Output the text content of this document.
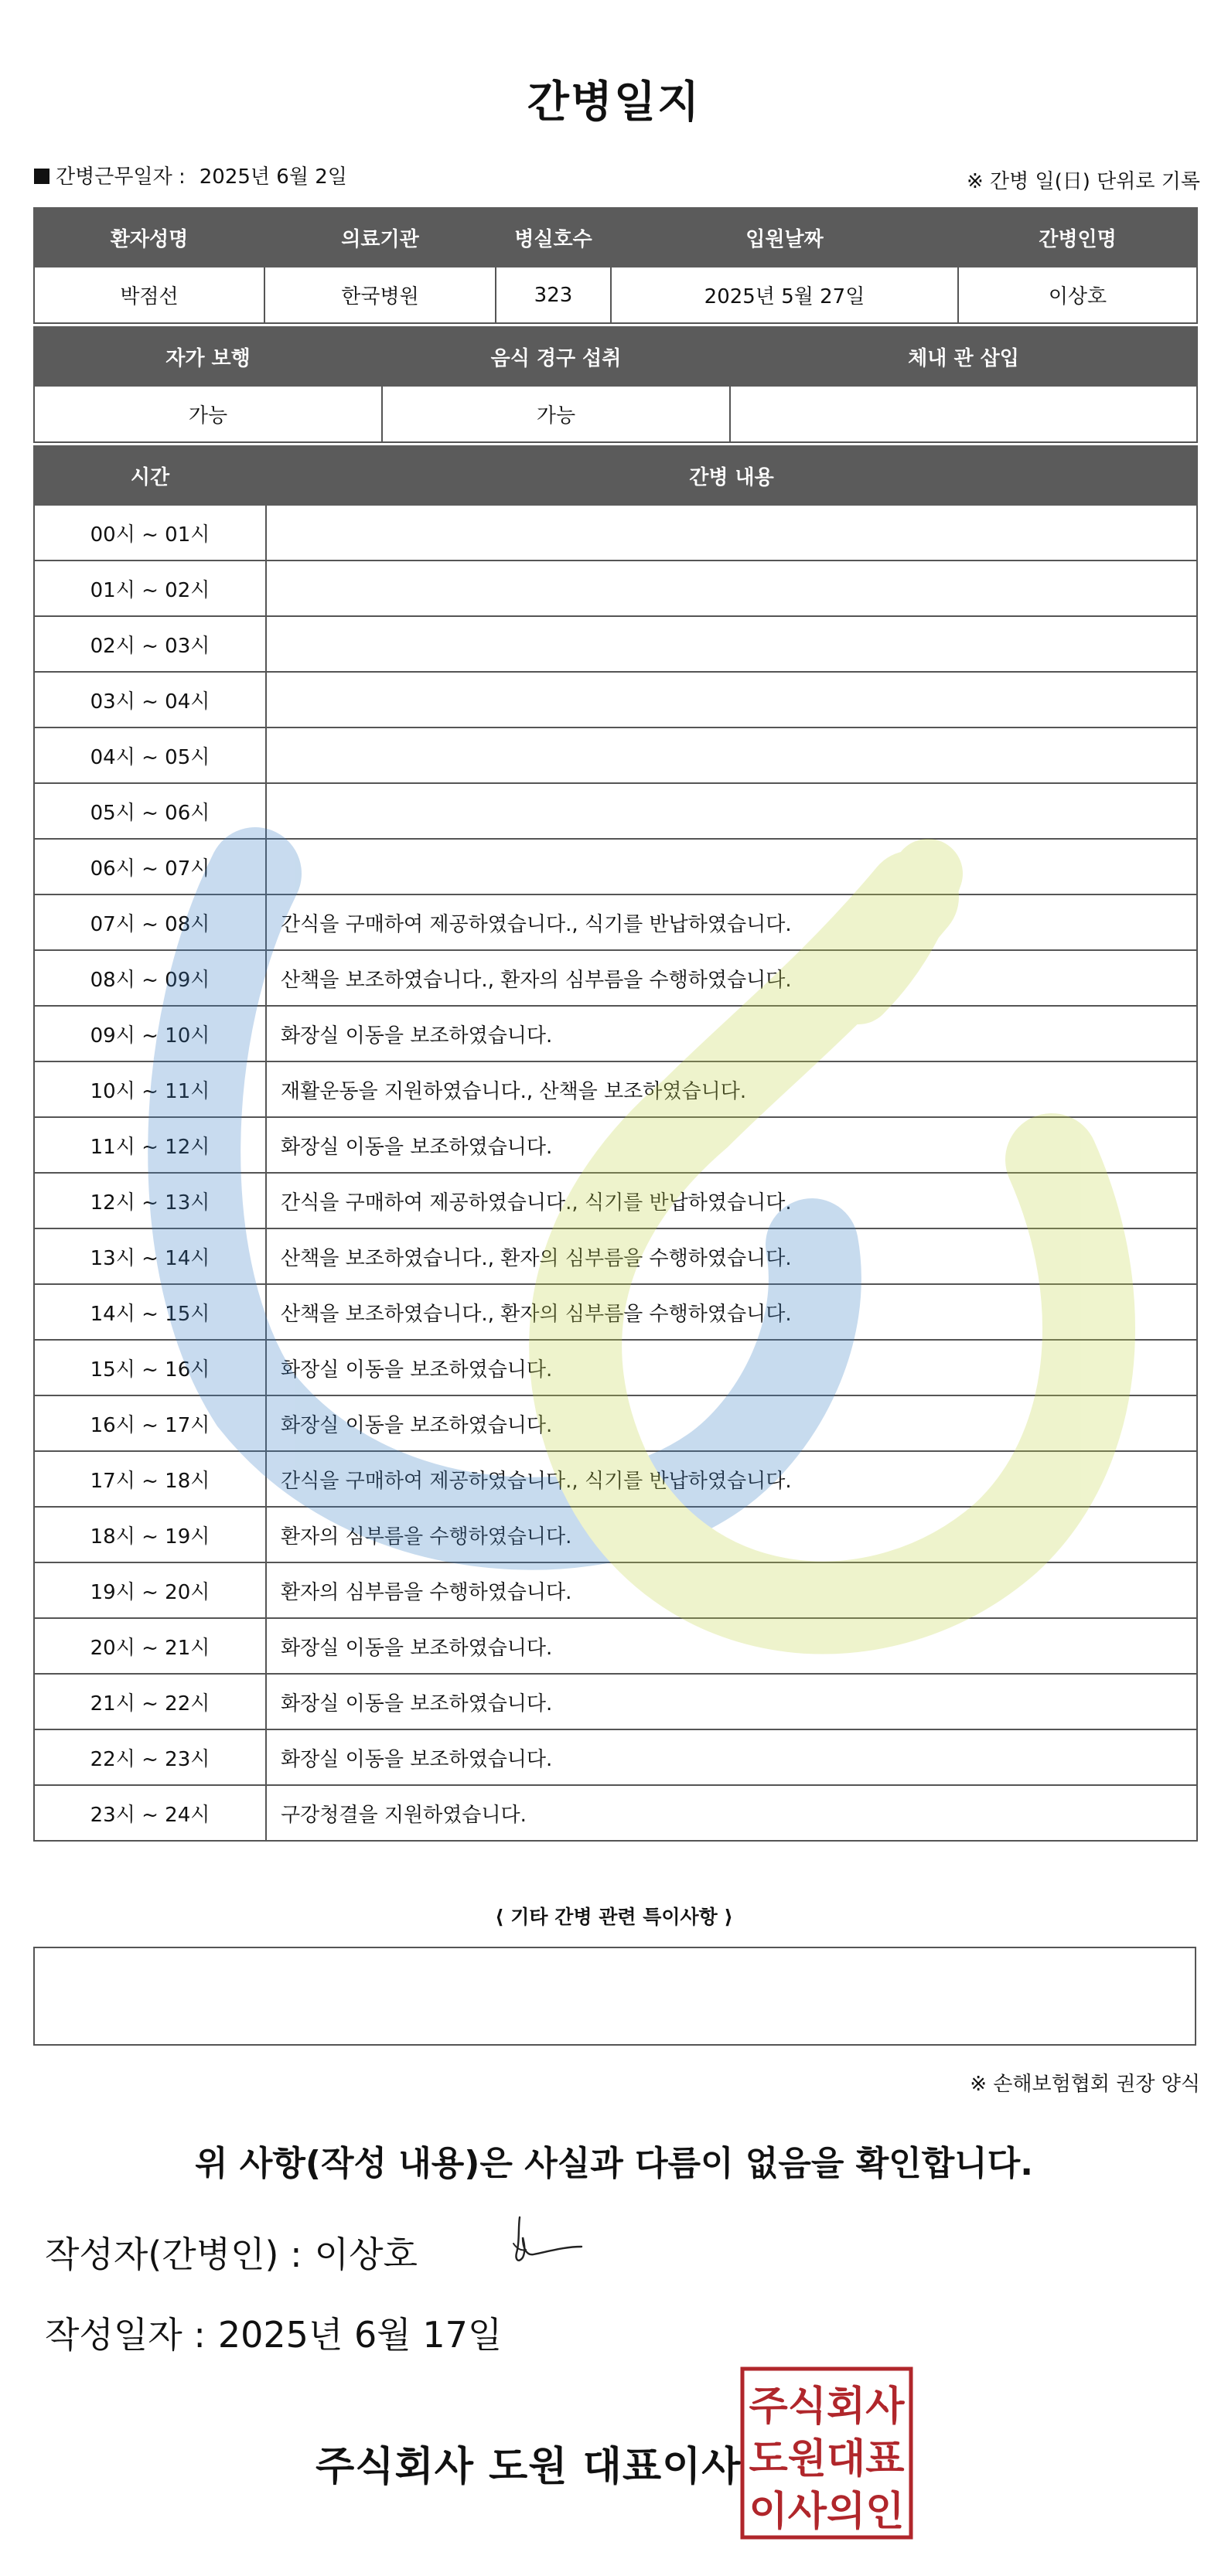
간병일지
간병근무일자 : 2025년 6월 2일	※ 간병 일(日) 단위로 기록
환자성명	의료기관	병실호수	입원날짜	간병인명
박점선	한국병원	323	2025년 5월 27일	이상호
자가 보행	음식 경구 섭취	체내 관 삽입
가능	가능	
시간	간병 내용
00시 ~ 01시	
01시 ~ 02시	
02시 ~ 03시	
03시 ~ 04시	
04시 ~ 05시	
05시 ~ 06시	
06시 ~ 07시	
07시 ~ 08시	간식을 구매하여 제공하였습니다., 식기를 반납하였습니다.
08시 ~ 09시	산책을 보조하였습니다., 환자의 심부름을 수행하였습니다.
09시 ~ 10시	화장실 이동을 보조하였습니다.
10시 ~ 11시	재활운동을 지원하였습니다., 산책을 보조하였습니다.
11시 ~ 12시	화장실 이동을 보조하였습니다.
12시 ~ 13시	간식을 구매하여 제공하였습니다., 식기를 반납하였습니다.
13시 ~ 14시	산책을 보조하였습니다., 환자의 심부름을 수행하였습니다.
14시 ~ 15시	산책을 보조하였습니다., 환자의 심부름을 수행하였습니다.
15시 ~ 16시	화장실 이동을 보조하였습니다.
16시 ~ 17시	화장실 이동을 보조하였습니다.
17시 ~ 18시	간식을 구매하여 제공하였습니다., 식기를 반납하였습니다.
18시 ~ 19시	환자의 심부름을 수행하였습니다.
19시 ~ 20시	환자의 심부름을 수행하였습니다.
20시 ~ 21시	화장실 이동을 보조하였습니다.
21시 ~ 22시	화장실 이동을 보조하였습니다.
22시 ~ 23시	화장실 이동을 보조하였습니다.
23시 ~ 24시	구강청결을 지원하였습니다.
⟨ 기타 간병 관련 특이사항 ⟩
※ 손해보험협회 권장 양식
위 사항(작성 내용)은 사실과 다름이 없음을 확인합니다.
작성자(간병인) : 이상호
작성일자 : 2025년 6월 17일
주식회사 도원 대표이사
주식회사
도원대표
이사의인
